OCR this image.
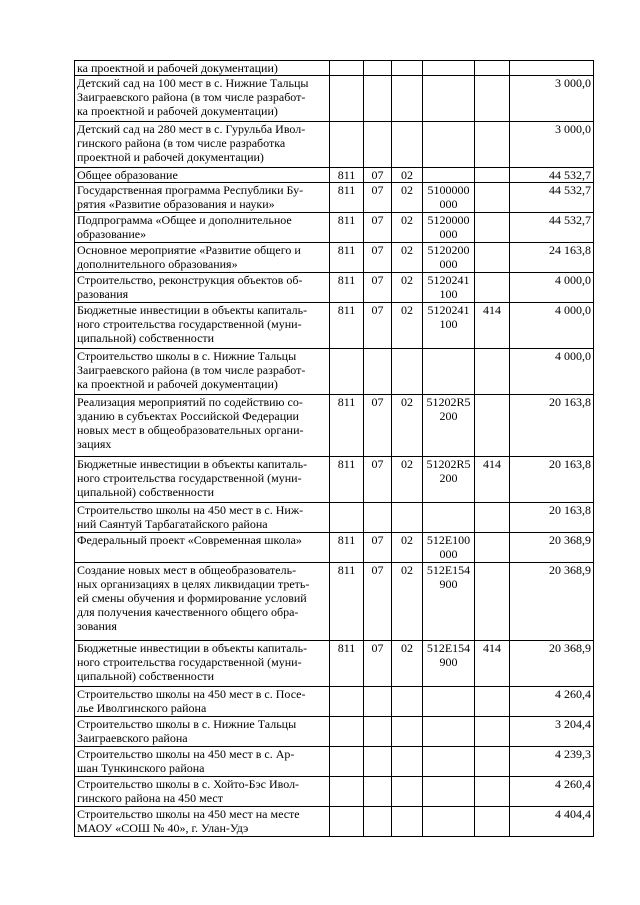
ка проектной и рабочей документации)						

Детский сад на 100 мест в с. Нижние Тальцы
Заиграевского района (в том числе разработ-
ка проектной и рабочей документации)						3 000,0

Детский сад на 280 мест в с. Гурульба Ивол-
гинского района (в том числе разработка
проектной и рабочей документации)						3 000,0

Общее образование	811	07	02			44 532,7

Государственная программа Республики Бу-
рятия «Развитие образования и науки»	811	07	02	5100000000		44 532,7

Подпрограмма «Общее и дополнительное
образование»	811	07	02	5120000000		44 532,7

Основное мероприятие «Развитие общего и
дополнительного образования»	811	07	02	5120200000		24 163,8

Строительство, реконструкция объектов об-
разования	811	07	02	5120241100		4 000,0

Бюджетные инвестиции в объекты капиталь-
ного строительства государственной (муни-
ципальной) собственности	811	07	02	5120241100	414	4 000,0

Строительство школы в с. Нижние Тальцы
Заиграевского района (в том числе разработ-
ка проектной и рабочей документации)						4 000,0

Реализация мероприятий по содействию со-
зданию в субъектах Российской Федерации
новых мест в общеобразовательных органи-
зациях	811	07	02	51202R5200		20 163,8

Бюджетные инвестиции в объекты капиталь-
ного строительства государственной (муни-
ципальной) собственности	811	07	02	51202R5200	414	20 163,8

Строительство школы на 450 мест в с. Ниж-
ний Саянтуй Тарбагатайского района						20 163,8

Федеральный проект «Современная школа»	811	07	02	512E100000		20 368,9

Создание новых мест в общеобразователь-
ных организациях в целях ликвидации треть-
ей смены обучения и формирование условий
для получения качественного общего обра-
зования	811	07	02	512E154900		20 368,9

Бюджетные инвестиции в объекты капиталь-
ного строительства государственной (муни-
ципальной) собственности	811	07	02	512E154900	414	20 368,9

Строительство школы на 450 мест в с. Посе-
лье Иволгинского района						4 260,4

Строительство школы в с. Нижние Тальцы
Заиграевского района						3 204,4

Строительство школы на 450 мест в с. Ар-
шан Тункинского района						4 239,3

Строительство школы в с. Хойто-Бэс Ивол-
гинского района на 450 мест						4 260,4

Строительство школы на 450 мест на месте
МАОУ «СОШ № 40», г. Улан-Удэ						4 404,4
